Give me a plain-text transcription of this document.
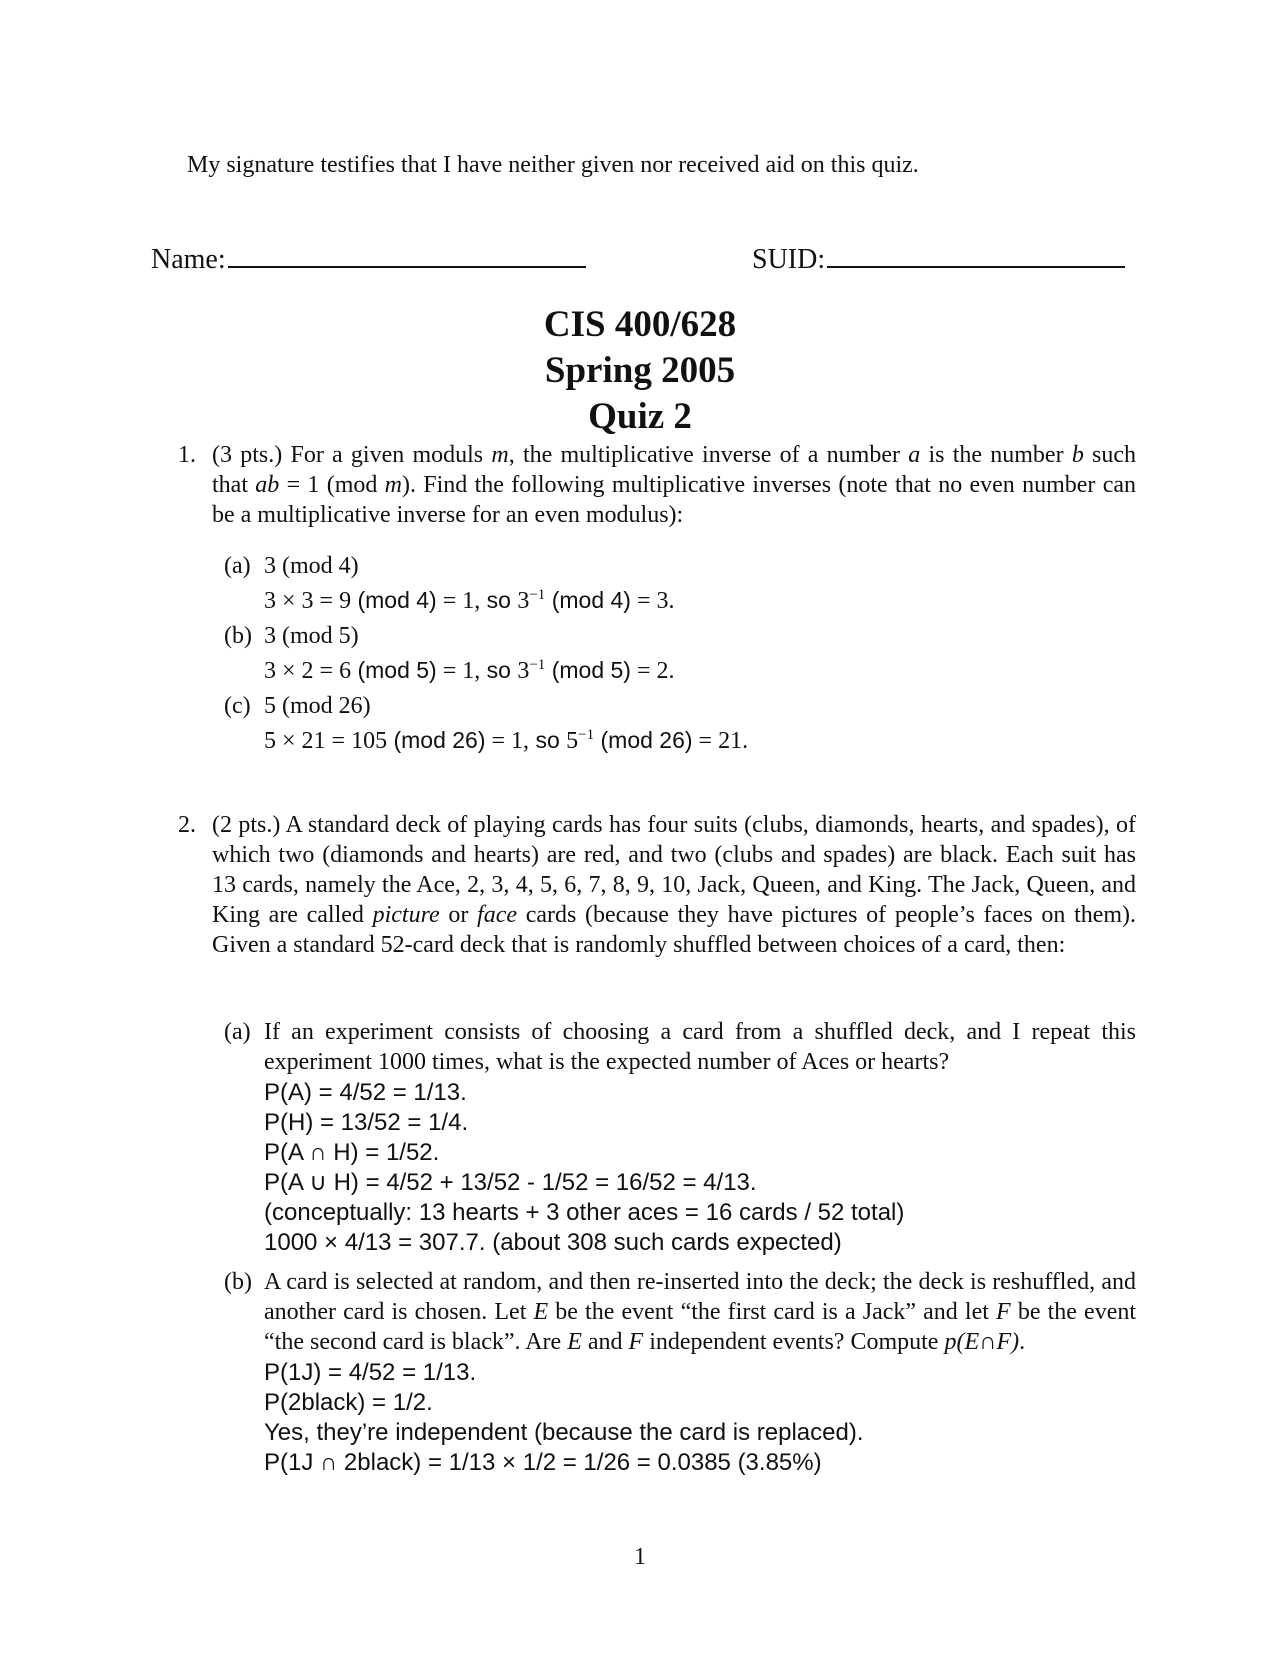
My signature testifies that I have neither given nor received aid on this quiz.
Name:	SUID:
CIS 400/628
Spring 2005
Quiz 2
1. (3 pts.) For a given moduls m, the multiplicative inverse of a number a is the number b such that ab = 1 (mod m). Find the following multiplicative inverses (note that no even number can be a multiplicative inverse for an even modulus):
(a) 3 (mod 4)
3 × 3 = 9 (mod 4) = 1, so $3^{-1}$ (mod 4) = 3.
(b) 3 (mod 5)
3 × 2 = 6 (mod 5) = 1, so $3^{-1}$ (mod 5) = 2.
(c) 5 (mod 26)
5 × 21 = 105 (mod 26) = 1, so $5^{-1}$ (mod 26) = 21.
2. (2 pts.) A standard deck of playing cards has four suits (clubs, diamonds, hearts, and spades), of which two (diamonds and hearts) are red, and two (clubs and spades) are black. Each suit has 13 cards, namely the Ace, 2, 3, 4, 5, 6, 7, 8, 9, 10, Jack, Queen, and King. The Jack, Queen, and King are called picture or face cards (because they have pictures of people’s faces on them). Given a standard 52-card deck that is randomly shuffled between choices of a card, then:
(a) If an experiment consists of choosing a card from a shuffled deck, and I repeat this experiment 1000 times, what is the expected number of Aces or hearts?
P(A) = 4/52 = 1/13.
P(H) = 13/52 = 1/4.
P(A ∩ H) = 1/52.
P(A ∪ H) = 4/52 + 13/52 - 1/52 = 16/52 = 4/13.
(conceptually: 13 hearts + 3 other aces = 16 cards / 52 total)
1000 × 4/13 = 307.7. (about 308 such cards expected)
(b) A card is selected at random, and then re-inserted into the deck; the deck is reshuffled, and another card is chosen. Let E be the event “the first card is a Jack” and let F be the event “the second card is black”. Are E and F independent events? Compute p(E∩F).
P(1J) = 4/52 = 1/13.
P(2black) = 1/2.
Yes, they’re independent (because the card is replaced).
P(1J ∩ 2black) = 1/13 × 1/2 = 1/26 = 0.0385 (3.85%)
1
